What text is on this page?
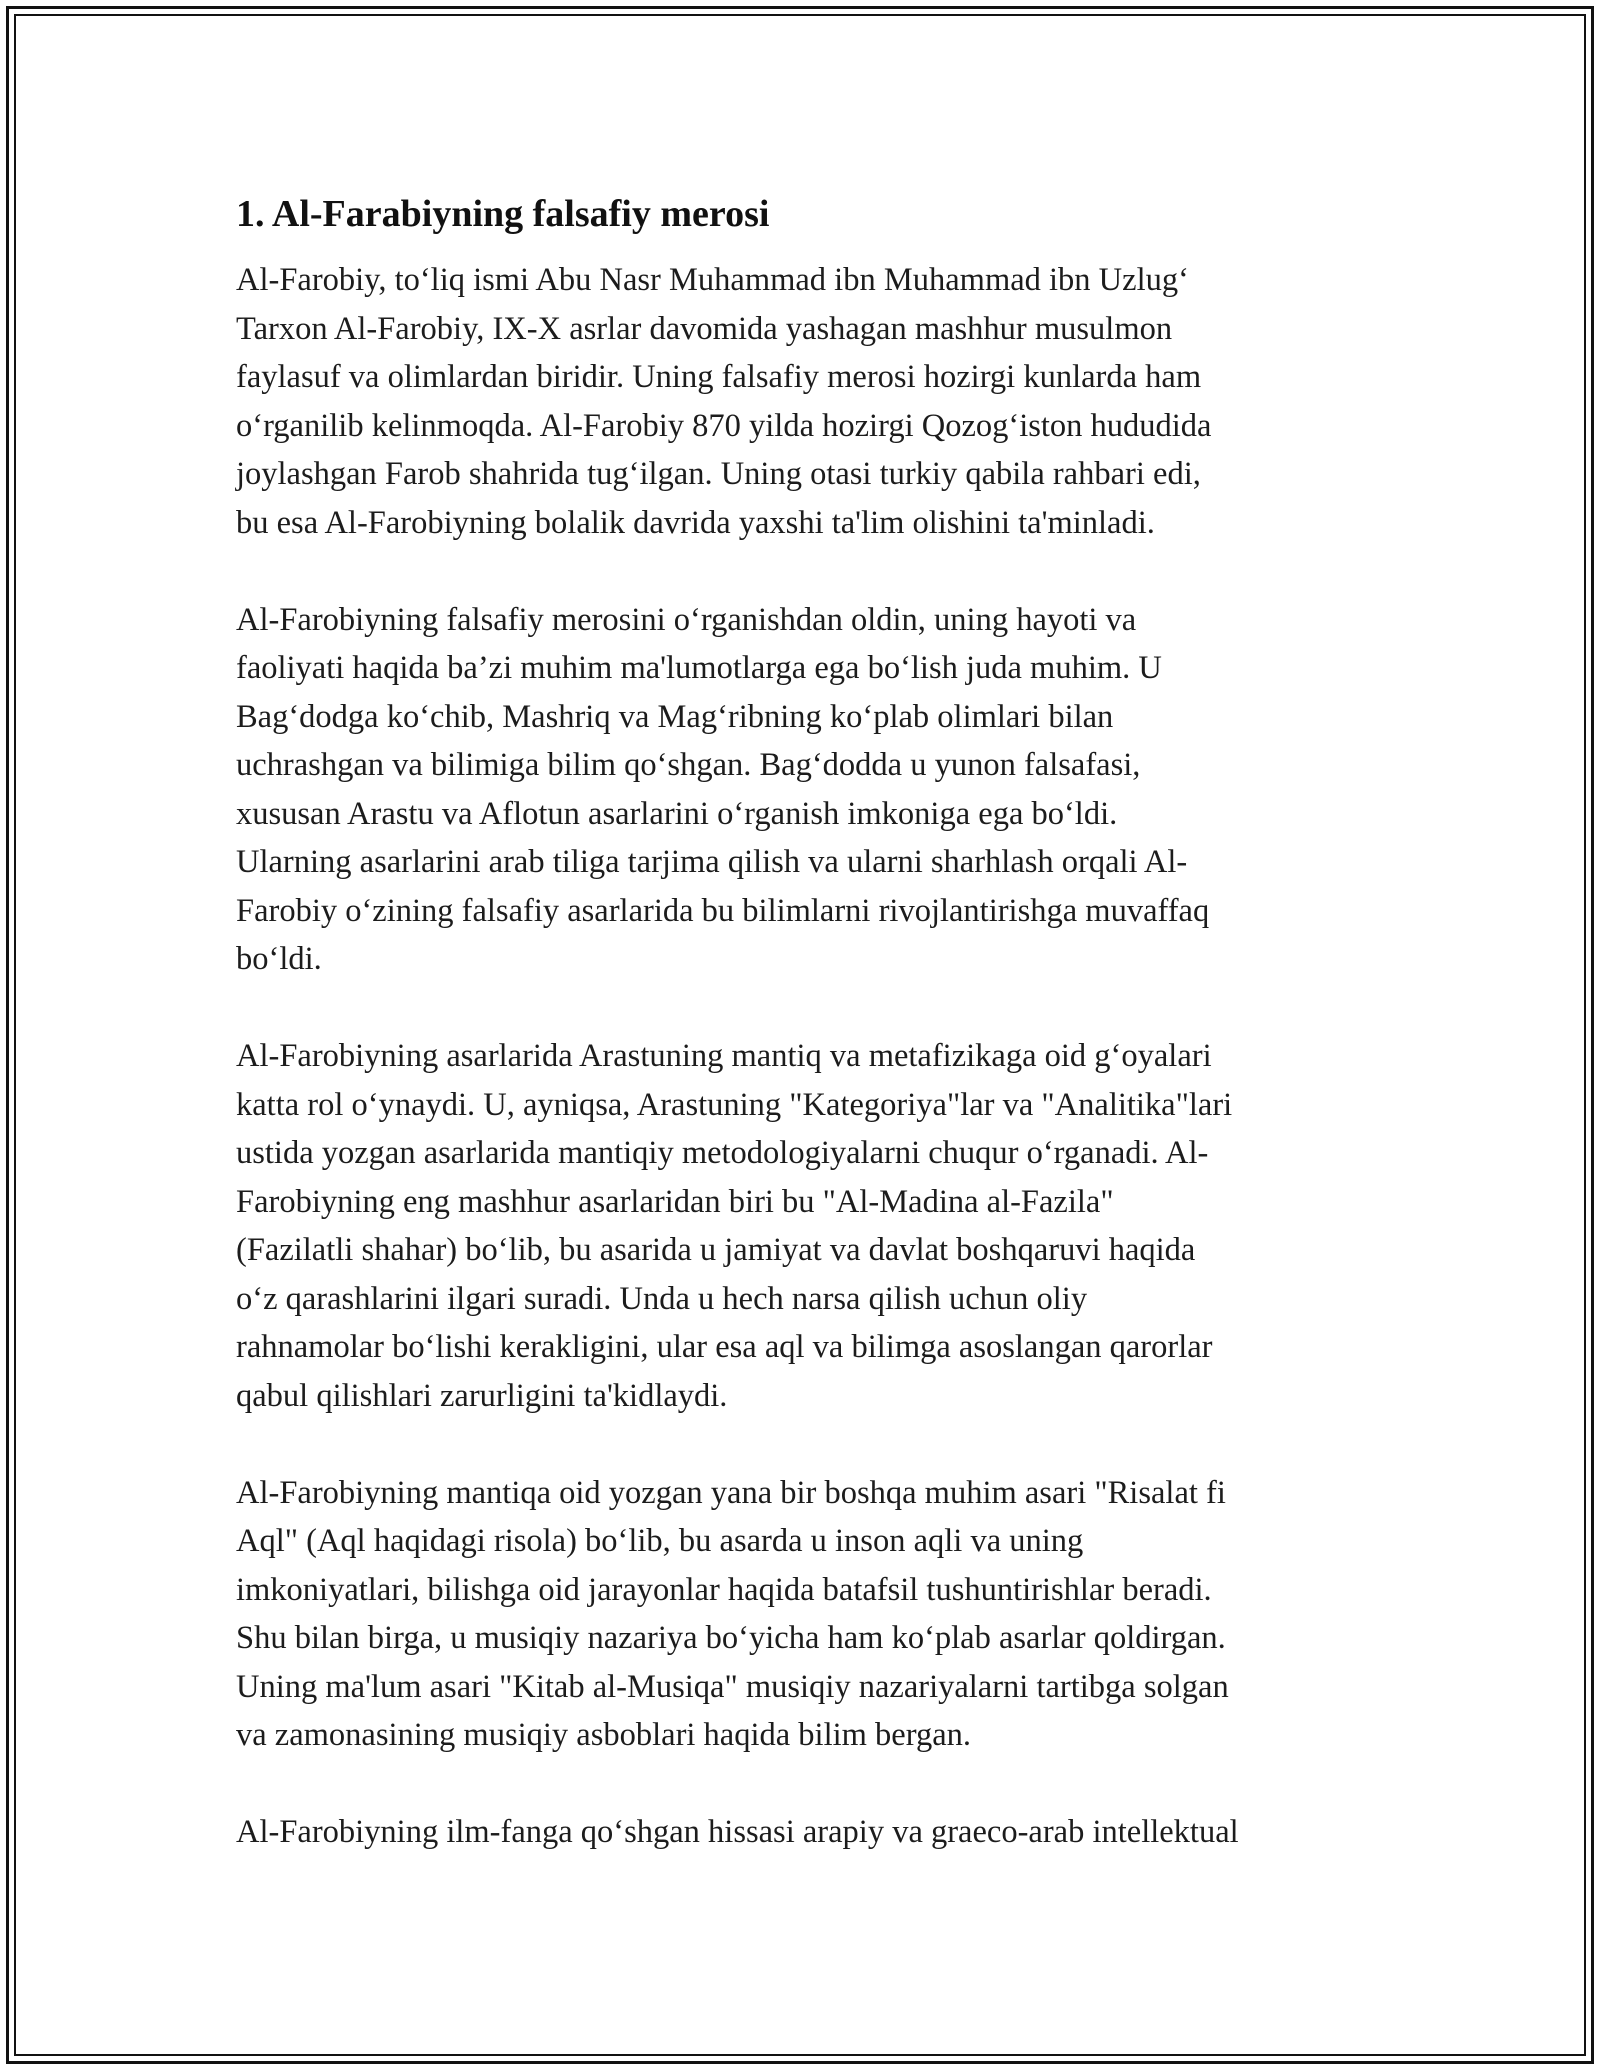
1. Al-Farabiyning falsafiy merosi

Al-Farobiy, to‘liq ismi Abu Nasr Muhammad ibn Muhammad ibn Uzlug‘
Tarxon Al-Farobiy, IX-X asrlar davomida yashagan mashhur musulmon
faylasuf va olimlardan biridir. Uning falsafiy merosi hozirgi kunlarda ham
o‘rganilib kelinmoqda. Al-Farobiy 870 yilda hozirgi Qozog‘iston hududida
joylashgan Farob shahrida tug‘ilgan. Uning otasi turkiy qabila rahbari edi,
bu esa Al-Farobiyning bolalik davrida yaxshi ta'lim olishini ta'minladi.

Al-Farobiyning falsafiy merosini o‘rganishdan oldin, uning hayoti va
faoliyati haqida ba’zi muhim ma'lumotlarga ega bo‘lish juda muhim. U
Bag‘dodga ko‘chib, Mashriq va Mag‘ribning ko‘plab olimlari bilan
uchrashgan va bilimiga bilim qo‘shgan. Bag‘dodda u yunon falsafasi,
xususan Arastu va Aflotun asarlarini o‘rganish imkoniga ega bo‘ldi.
Ularning asarlarini arab tiliga tarjima qilish va ularni sharhlash orqali Al-
Farobiy o‘zining falsafiy asarlarida bu bilimlarni rivojlantirishga muvaffaq
bo‘ldi.

Al-Farobiyning asarlarida Arastuning mantiq va metafizikaga oid g‘oyalari
katta rol o‘ynaydi. U, ayniqsa, Arastuning "Kategoriya"lar va "Analitika"lari
ustida yozgan asarlarida mantiqiy metodologiyalarni chuqur o‘rganadi. Al-
Farobiyning eng mashhur asarlaridan biri bu "Al-Madina al-Fazila"
(Fazilatli shahar) bo‘lib, bu asarida u jamiyat va davlat boshqaruvi haqida
o‘z qarashlarini ilgari suradi. Unda u hech narsa qilish uchun oliy
rahnamolar bo‘lishi kerakligini, ular esa aql va bilimga asoslangan qarorlar
qabul qilishlari zarurligini ta'kidlaydi.

Al-Farobiyning mantiqa oid yozgan yana bir boshqa muhim asari "Risalat fi
Aql" (Aql haqidagi risola) bo‘lib, bu asarda u inson aqli va uning
imkoniyatlari, bilishga oid jarayonlar haqida batafsil tushuntirishlar beradi.
Shu bilan birga, u musiqiy nazariya bo‘yicha ham ko‘plab asarlar qoldirgan.
Uning ma'lum asari "Kitab al-Musiqa" musiqiy nazariyalarni tartibga solgan
va zamonasining musiqiy asboblari haqida bilim bergan.

Al-Farobiyning ilm-fanga qo‘shgan hissasi arapiy va graeco-arab intellektual
